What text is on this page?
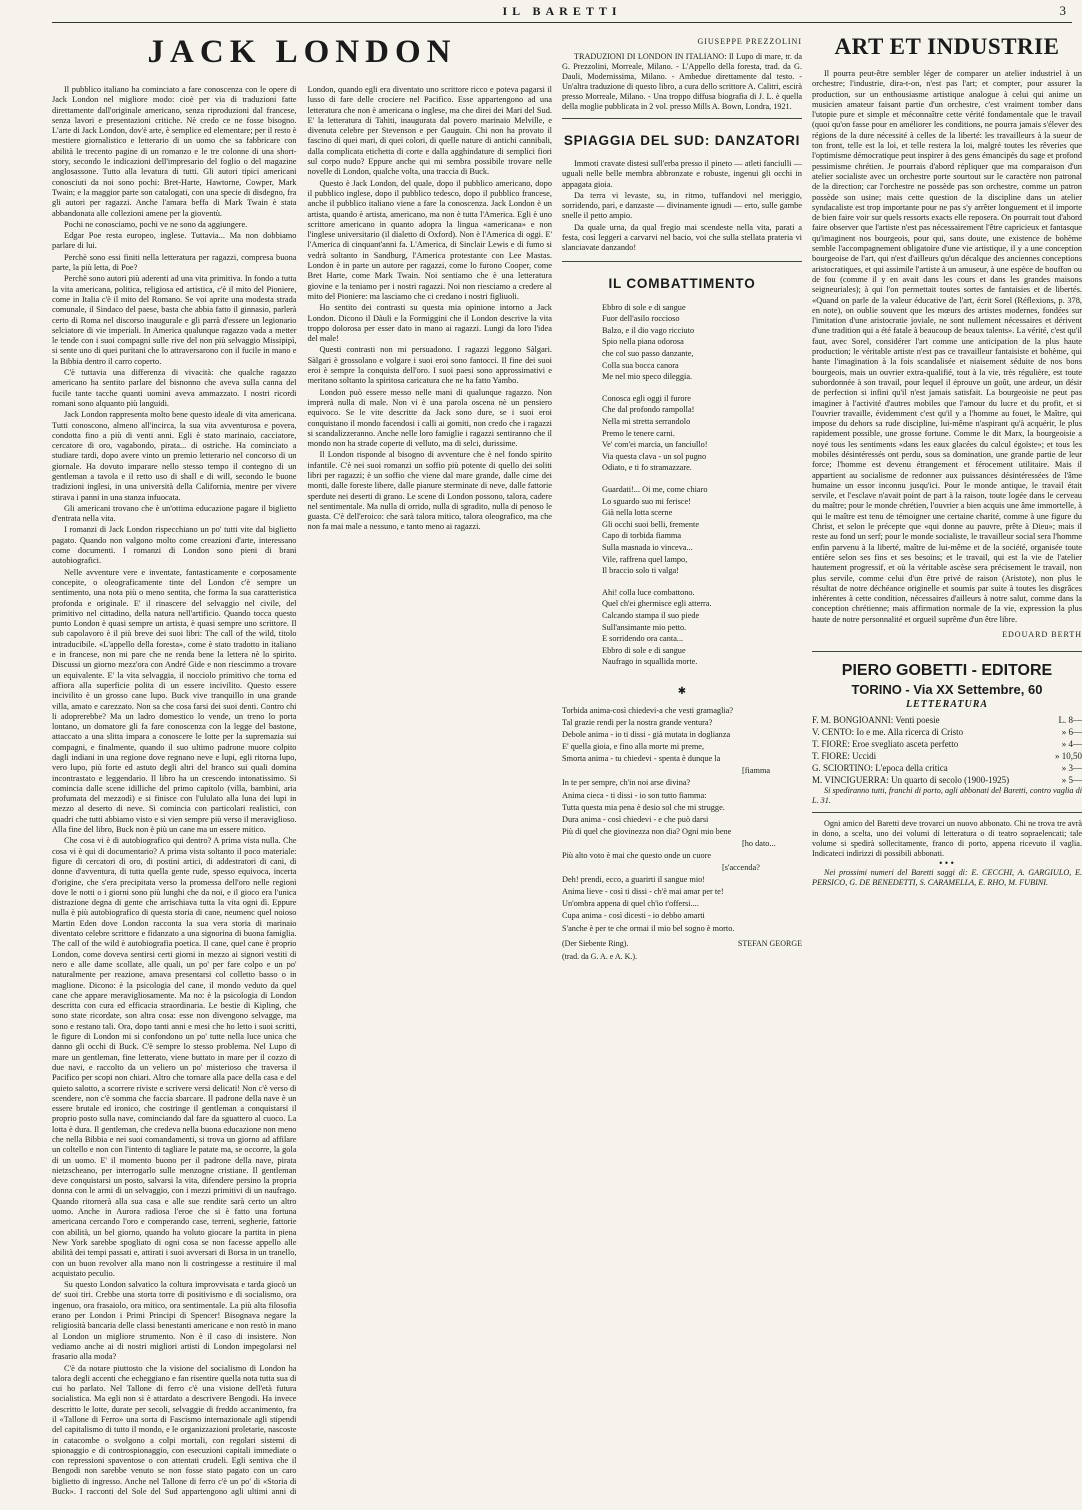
IL BARETTI	3
JACK LONDON

Il pubblico italiano ha cominciato a fare conoscenza con le opere di Jack London nel migliore modo: cioè per via di traduzioni fatte direttamente dall'originale americano, senza riproduzioni dal francese, senza lavori e presentazioni critiche. Nè credo ce ne fosse bisogno. L'arte di Jack London, dov'è arte, è semplice ed elementare; per il resto è mestiere giornalistico e letterario di un uomo che sa fabbricare con abilità le trecento pagine di un romanzo e le tre colonne di una short-story, secondo le indicazioni dell'impresario del foglio o del magazine anglosassone. Tutto alla levatura di tutti. Gli autori tipici americani conosciuti da noi sono pochi: Bret-Harte, Hawtorne, Cowper, Mark Twain; e la maggior parte son catalogati, con una specie di disdegno, fra gli autori per ragazzi. Anche l'amara beffa di Mark Twain è stata abbandonata alle collezioni amene per la gioventù.

Pochi ne conosciamo, pochi ve ne sono da aggiungere.

Edgar Poe resta europeo, inglese. Tuttavia... Ma non dobbiamo parlare di lui.

Perchè sono essi finiti nella letteratura per ragazzi, compresa buona parte, la più letta, di Poe?

Perchè sono autori più aderenti ad una vita primitiva. In fondo a tutta la vita americana, politica, religiosa ed artistica, c'è il mito del Pioniere, come in Italia c'è il mito del Romano. Se voi aprite una modesta strada comunale, il Sindaco del paese, basta che abbia fatto il ginnasio, parlerà certo di Roma nel discorso inaugurale e gli parrà d'essere un legionario selciatore di vie imperiali. In America qualunque ragazzo vada a metter le tende con i suoi compagni sulle rive del non più selvaggio Missipipì, si sente uno di quei puritani che lo attraversarono con il fucile in mano e la Bibbia dentro il carro coperto.

C'è tuttavia una differenza di vivacità: che qualche ragazzo americano ha sentito parlare del bisnonno che aveva sulla canna del fucile tante tacche quanti uomini aveva ammazzato. I nostri ricordi romani sono alquanto più languidi.

Jack London rappresenta molto bene questo ideale di vita americana. Tutti conoscono, almeno all'incirca, la sua vita avventurosa e povera, condotta fino a più di venti anni. Egli è stato marinaio, cacciatore, cercatore di oro, vagabondo, pirata... di ostriche. Ha cominciato a studiare tardi, dopo avere vinto un premio letterario nel concorso di un giornale. Ha dovuto imparare nello stesso tempo il contegno di un gentleman a tavola e il retto uso di shall e di will, secondo le buone tradizioni inglesi, in una università della California, mentre per vivere stirava i panni in una stanza infuocata.

Gli americani trovano che è un'ottima educazione pagare il biglietto d'entrata nella vita.

I romanzi di Jack London rispecchiano un po' tutti vite dal biglietto pagato. Quando non valgono molto come creazioni d'arte, interessano come documenti. I romanzi di London sono pieni di brani autobiografici.

Nelle avventure vere e inventate, fantasticamente e corposamente concepite, o oleograficamente tinte del London c'è sempre un sentimento, una nota più o meno sentita, che forma la sua caratteristica profonda e originale. E' il rinascere del selvaggio nel civile, del primitivo nel cittadino, della natura nell'artificio. Quando tocca questo punto London è quasi sempre un artista, è quasi sempre uno scrittore. Il sub capolavoro è il più breve dei suoi libri: The call of the wild, titolo intraducibile. «L'appello della foresta», come è stato tradotto in italiano e in francese, non mi pare che ne renda bene la lettera nè lo spirito. Discussi un giorno mezz'ora con André Gide e non riescimmo a trovare un equivalente. E' la vita selvaggia, il nocciolo primitivo che torna ed affiora alla superficie polita di un essere incivilito. Questo essere incivilito è un grosso cane lupo. Buck vive tranquillo in una grande villa, amato e carezzato. Non sa che cosa farsi dei suoi denti. Contro chi li adoprerebbe? Ma un ladro domestico lo vende, un treno lo porta lontano, un domatore gli fa fare conoscenza con la legge del bastone, attaccato a una slitta impara a conoscere le lotte per la supremazia sui compagni, e finalmente, quando il suo ultimo padrone muore colpito dagli indiani in una regione dove regnano neve e lupi, egli ritorna lupo, vero lupo, più forte ed astuto degli altri del branco sui quali domina incontrastato e leggendario. Il libro ha un crescendo intonatissimo. Si comincia dalle scene idilliche del primo capitolo (villa, bambini, aria profumata del mezzodì) e si finisce con l'ululato alla luna dei lupi in mezzo al deserto di neve. Si comincia con particolari realistici, con quadri che tutti abbiamo visto e si vien sempre più verso il meraviglioso. Alla fine del libro, Buck non è più un cane ma un essere mitico.

Che cosa vi è di autobiografico qui dentro? A prima vista nulla. Che cosa vi è qui di documentario? A prima vista soltanto il poco materiale: figure di cercatori di oro, di postini artici, di addestratori di cani, di donne d'avventura, di tutta quella gente rude, spesso equivoca, incerta d'origine, che s'era precipitata verso la promessa dell'oro nelle regioni dove le notti o i giorni sono più lunghi che da noi, e il gioco era l'unica distrazione degna di gente che arrischiava tutta la vita ogni dì. Eppure nulla è più autobiografico di questa storia di cane, neumenc quel noioso Martin Eden dove London racconta la sua vera storia di marinaio diventato celebre scrittore e fidanzato a una signorina di buona famiglia. The call of the wild è autobiografia poetica. Il cane, quel cane è proprio London, come doveva sentirsi certi giorni in mezzo ai signori vestiti di nero e alle dame scollate, alle quali, un po' per fare colpo e un po' naturalmente per reazione, amava presentarsi col colletto basso o in maglione. Dicono: è la psicologia del cane, il mondo veduto da quel cane che appare meravigliosamente. Ma no: è la psicologia di London descritta con cura ed efficacia straordinaria. Le bestie di Kipling, che sono state ricordate, son altra cosa: esse non divengono selvagge, ma sono e restano tali. Ora, dopo tanti anni e mesi che ho letto i suoi scritti, le figure di London mi si confondono un po' tutte nella luce unica che danno gli occhi di Buck. C'è sempre lo stesso problema. Nel Lupo di mare un gentleman, fine letterato, viene buttato in mare per il cozzo di due navi, e raccolto da un veliero un po' misterioso che traversa il Pacifico per scopi non chiari. Altro che tornare alla pace della casa e del quieto salotto, a scorrere riviste e scrivere versi delicati! Non c'è verso di scendere, non c'è somma che faccia sbarcare. Il padrone della nave è un essere brutale ed ironico, che costringe il gentleman a conquistarsi il proprio posto sulla nave, cominciando dal fare da sguattero al cuoco. La lotta è dura. Il gentleman, che credeva nella buona educazione non meno che nella Bibbia e nei suoi comandamenti, si trova un giorno ad affilare un coltello e non con l'intento di tagliare le patate ma, se occorre, la gola di un uomo. E' il momento buono per il padrone della nave, pirata nietzscheano, per interrogarlo sulle menzogne cristiane. Il gentleman deve conquistarsi un posto, salvarsi la vita, difendere persino la propria donna con le armi di un selvaggio, con i mezzi primitivi di un naufrago. Quando ritornerà alla sua casa e alle sue rendite sarà certo un altro uomo. Anche in Aurora radiosa l'eroe che si è fatto una fortuna americana cercando l'oro e comperando case, terreni, segherie, fattorie con abilità, un bel giorno, quando ha voluto giocare la partita in piena New York sarebbe spogliato di ogni cosa se non facesse appello alle abilità dei tempi passati e, attirati i suoi avversari di Borsa in un tranello, con un buon revolver alla mano non li costringesse a restituire il mal acquistato peculio.

Su questo London salvatico la coltura improvvisata e tarda giocò un de' suoi tiri. Crebbe una storta torre di positivismo e di socialismo, ora ingenuo, ora frasaiolo, ora mitico, ora sentimentale. La più alta filosofia erano per London i Primi Principi di Spencer! Bisognava negare la religiosità bancaria delle classi benestanti americane e non restò in mano al London un migliore strumento. Non è il caso di insistere. Non vediamo anche ai di nostri migliori artisti di London impegolarsi nel frasario alla moda?

C'è da notare piuttosto che la visione del socialismo di London ha talora degli accenti che echeggiano e fan risentire quella nota tutta sua di cui ho parlato. Nel Tallone di ferro c'è una visione dell'età futura socialistica. Ma egli non si è attardato a descrivere Bengodi. Ha invece descritto le lotte, durate per secoli, selvaggie di freddo accanimento, fra il «Tallone di Ferro» una sorta di Fascismo internazionale agli stipendi del capitalismo di tutto il mondo, e le organizzazioni proletarie, nascoste in catacombe o svolgono a colpi mortali, con regolari sistemi di spionaggio e di controspionaggio, con esecuzioni capitali immediate o con repressioni spaventose o con attentati crudeli. Egli sentiva che il Bengodi non sarebbe venuto se non fosse stato pagato con un caro biglietto di ingresso. Anche nel Tallone di ferro c'è un po' di «Storia di Buck». I racconti del Sole del Sud appartengono agli ultimi anni di London, quando egli era diventato uno scrittore ricco e poteva pagarsi il lusso di fare delle crociere nel Pacifico. Esse appartengono ad una letteratura che non è americana o inglese, ma che direi dei Mari del Sud. E' la letteratura di Tahiti, inaugurata dal povero marinaio Melville, e divenuta celebre per Stevenson e per Gauguin. Chi non ha provato il fascino di quei mari, di quei colori, di quelle nature di antichi cannibali, dalla complicata etichetta di corte e dalla agghindature di semplici fiori sul corpo nudo? Eppure anche qui mi sembra possibile trovare nelle novelle di London, qualche volta, una traccia di Buck.

Questo è Jack London, del quale, dopo il pubblico americano, dopo il pubblico inglese, dopo il pubblico tedesco, dopo il pubblico francese, anche il pubblico italiano viene a fare la conoscenza. Jack London è un artista, quando è artista, americano, ma non è tutta l'America. Egli è uno scrittore americano in quanto adopra la lingua «americana» e non l'inglese universitario (il dialetto di Oxford). Non è l'America di oggi. E' l'America di cinquant'anni fa. L'America, di Sinclair Lewis e di fumo si vedrà soltanto in Sandburg, l'America protestante con Lee Mastas. London è in parte un autore per ragazzi, come lo furono Cooper, come Bret Harte, come Mark Twain. Noi sentiamo che è una letteratura giovine e la teniamo per i nostri ragazzi. Noi non riesciamo a credere al mito del Pioniere: ma lasciamo che ci credano i nostri figliuoli.

Ho sentito dei contrasti su questa mia opinione intorno a Jack London. Dicono il Dàuli e la Formiggini che il London descrive la vita troppo dolorosa per esser dato in mano ai ragazzi. Lungi da loro l'idea del male!

Questi contrasti non mi persuadono. I ragazzi leggono Sàlgari. Sàlgari è grossolano e volgare i suoi eroi sono fantocci. Il fine dei suoi eroi è sempre la conquista dell'oro. I suoi paesi sono approssimativi e meritano soltanto la spiritosa caricatura che ne ha fatto Yambo.

London può essere messo nelle mani di qualunque ragazzo. Non imprerà nulla di male. Non vi è una parola oscena nè un pensiero equivoco. Se le vite descritte da Jack sono dure, se i suoi eroi conquistano il mondo facendosi i calli ai gomiti, non credo che i ragazzi si scandalizzeranno. Anche nelle loro famiglie i ragazzi sentiranno che il mondo non ha strade coperte di velluto, ma di selci, durissime.

Il London risponde al bisogno di avventure che è nel fondo spirito infantile. C'è nei suoi romanzi un soffio più potente di quello dei soliti libri per ragazzi; è un soffio che viene dal mare grande, dalle cime dei monti, dalle foreste libere, dalle pianure sterminate di neve, dalle fattorie sperdute nei deserti di grano. Le scene di London possono, talora, cadere nel sentimentale. Ma nulla di orrido, nulla di sgradito, nulla di penoso le guasta. C'è dell'eroico: che sarà talora mitico, talora oleografico, ma che non fa mai male a nessuno, e tanto meno ai ragazzi.

GIUSEPPE PREZZOLINI
TRADUZIONI DI LONDON IN ITALIANO: Il Lupo di mare, tr. da G. Prezzolini, Morreale, Milano. - L'Appello della foresta, trad. da G. Dauli, Modernissima, Milano. - Ambedue direttamente dal testo. - Un'altra traduzione di questo libro, a cura dello scrittore A. Calitri, escirà presso Morreale, Milano. - Una troppo diffusa biografia di J. L. è quella della moglie pubblicata in 2 vol. presso Mills A. Bown, Londra, 1921.
SPIAGGIA DEL SUD: DANZATORI

Immoti cravate distesi sull'erba presso il pineto — atleti fanciulli — uguali nelle belle membra abbronzate e robuste, ingenui gli occhi in appagata gioia.

Da terra vi levaste, su, in ritmo, tuffandovi nel meriggio, sorridendo, pari, e danzaste — divinamente ignudi — erto, sulle gambe snelle il petto ampio.

Da quale urna, da qual fregio mai scendeste nella vita, parati a festa, così leggeri a carvarvi nel bacio, voi che sulla stellata prateria vi slanciavate danzando!

IL COMBATTIMENTO
Ebbro di sole e di sangue
Fuor dell'asilo roccioso
Balzo, e il dio vago ricciuto
Spio nella piana odorosa
che col suo passo danzante,
Colla sua bocca canora
Me nel mio speco dileggia.
Conosca egli oggi il furore
Che dal profondo rampolla!
Nella mi stretta serrandolo
Premo le tenere carni.
Ve' com'ei marcia, un fanciullo!
Via questa clava - un sol pugno
Odiato, e ti fo stramazzare.
Guardati!... Oi me, come chiaro
Lo sguardo suo mi ferisce!
Già nella lotta scerne
Gli occhi suoi belli, fremente
Capo di torbida fiamma
Sulla masnada io vinceva...
Vile, raffrena quel lampo,
Il braccio solo ti valga!
Ahi! colla luce combattono.
Quel ch'ei ghermisce egli atterra.
Calcando stampa il suo piede
Sull'ansimante mio petto.
E sorridendo ora canta...
Ebbro di sole e di sangue
Naufrago in squallida morte.
✱
Torbida anima-così chiedevi-a che vesti gramaglia?
Tal grazie rendi per la nostra grande ventura?
Debole anima - io ti dissi - già mutata in doglianza
E' quella gioia, e fino alla morte mi preme,
Smorta anima - tu chiedevi - spenta è dunque la
[fiamma
In te per sempre, ch'in noi arse divina?
Anima cieca - ti dissi - io son tutto fiamma:
Tutta questa mia pena è desio sol che mi strugge.
Dura anima - così chiedevi - e che può darsi
Più di quel che giovinezza non dia? Ogni mio bene
[ho dato...
Più alto voto è mai che questo onde un cuore
[s'accenda?
Deh! prendi, ecco, a guarirti il sangue mio!
Anima lieve - così ti dissi - ch'è mai amar per te!
Un'ombra appena di quel ch'io t'offersi....
Cupa anima - così dicesti - io debbo amarti
S'anche è per te che ormai il mio bel sogno è morto.
(Der Siebente Ring).	STEFAN GEORGE
(trad. da G. A. e A. K.).
ART ET INDUSTRIE

Il pourra peut-être sembler léger de comparer un atelier industriel à un orchestre; l'industrie, dira-t-on, n'est pas l'art; et compter, pour assurer la production, sur un enthousiasme artistique analogue à celui qui anime un musicien amateur faisant partie d'un orchestre, c'est vraiment tomber dans l'utopie pure et simple et méconnaître cette vérité fondamentale que le travail (quoi qu'on fasse pour en améliorer les conditions, ne pourra jamais s'élever des régions de la dure nécessité à celles de la liberté: les travailleurs à la sueur de ton front, telle est la loi, et telle restera la loi, malgré toutes les rêveries que l'optimisme démocratique peut inspirer à des gens émancipés du sage et profond pessimisme chrétien. Je pourrais d'abord répliquer que ma comparaison d'un atelier socialiste avec un orchestre porte sourtout sur le caractère non patronal de la direction; car l'orchestre ne possède pas son orchestre, comme un patron possède son usine; mais cette question de la discipline dans un atelier syndacaliste est trop importante pour ne pas s'y arrêter longuement et il importe de bien faire voir sur quels ressorts exacts elle reposera. On pourrait tout d'abord faire observer que l'artiste n'est pas nécessairement l'être capricieux et fantasque qu'imaginent nos bourgeois, pour qui, sans doute, une existence de bohème semble l'accompagnement obligatoire d'une vie artistique, il y a une conception bourgeoise de l'art, qui n'est d'ailleurs qu'un décalque des anciennes conceptions aristocratiques, et qui assimile l'artiste à un amuseur, à une espèce de bouffon ou de fou (comme il y en avait dans les cours et dans les grandes maisons seigneuriales); à qui l'on permettait toutes sortes de fantaisies et de libertés. «Quand on parle de la valeur éducative de l'art, écrit Sorel (Réflexions, p. 378, en note), on oublie souvent que les mœurs des artistes modernes, fondées sur l'imitation d'une aristocratie joviale, ne sont nullement nécessaires et dérivent d'une tradition qui a été fatale à beaucoup de beaux talents». La vérité, c'est qu'il faut, avec Sorel, considérer l'art comme une anticipation de la plus haute production; le véritable artiste n'est pas ce travailleur fantaisiste et bohème, qui hante l'imagination à la fois scandalisée et niaisement séduite de nos bons bourgeois, mais un ouvrier extra-qualifié, tout à la vie, très régulière, est toute subordonnée à son travail, pour lequel il éprouve un goût, une ardeur, un désir de perfection si infini qu'il n'est jamais satisfait. La bourgeoisie ne peut pas imaginer à l'activité d'autres mobiles que l'amour du lucre et du profit, et si l'ouvrier travaille, évidemment c'est qu'il y a l'homme au fouet, le Maître, qui impose du dehors sa rude discipline, lui-même n'aspirant qu'à acquérir, le plus rapidement possible, une grosse fortune. Comme le dit Marx, la bourgeoisie a noyé tous les sentiments «dans les eaux glacées du calcul égoïste»; et tous les mobiles désintéressés ont perdu, sous sa domination, une grande partie de leur force; l'homme est devenu étrangement et férocement utilitaire. Mais il appartient au socialisme de redonner aux puissances désintéressées de l'âme humaine un essor inconnu jusqu'ici. Pour le monde antique, le travail était servile, et l'esclave n'avait point de part à la raison, toute logée dans le cerveau du maître; pour le monde chrétien, l'ouvrier a bien acquis une âme immortelle, à qui le maître est tenu de témoigner une certaine charité, comme à une figure du Christ, et selon le précepte que «qui donne au pauvre, prête à Dieu»; mais il reste au fond un serf; pour le monde socialiste, le travailleur social sera l'homme enfin parvenu à la liberté, maître de lui-même et de la société, organisée toute entière selon ses fins et ses besoins; et le travail, qui est la vie de l'atelier hautement progressif, et où la véritable ascèse sera précisement le travail, non plus servile, comme celui d'un être privé de raison (Aristote), non plus le résultat de notre déchéance originelle et soumis par suite à toutes les disgrâces inhérentes à cette condition, nécessaires d'ailleurs à notre salut, comme dans la conception chrétienne; mais affirmation normale de la vie, expression la plus haute de notre personnalité et orgueil suprême d'un être libre.

EDOUARD BERTH
PIERO GOBETTI - EDITORE
TORINO - Via XX Settembre, 60
LETTERATURA
F. M. BONGIOANNI: Venti poesie	L. 8—
V. CENTO: Io e me. Alla ricerca di Cristo	» 6—
T. FIORE: Eroe svegliato asceta perfetto	» 4—
T. FIORE: Uccidi	» 10,50
G. SCIORTINO: L'epoca della critica	» 3—
M. VINCIGUERRA: Un quarto di secolo (1900-1925)	» 5—
Si spediranno tutti, franchi di porto, agli abbonati del Baretti, contro vaglia di L. 31.
Ogni amico del Baretti deve trovarci un nuovo abbonato. Chi ne trova tre avrà in dono, a scelta, uno dei volumi di letteratura o di teatro sopraelencati; tale volume si spedirà sollecitamente, franco di porto, appena ricevuto il vaglia. Indicateci indirizzi di possibili abbonati.
•••
Nei prossimi numeri del Baretti saggi di: E. CECCHI, A. GARGIULO, E. PERSICO, G. DE BENEDETTI, S. CARAMELLA, E. RHO, M. FUBINI.
